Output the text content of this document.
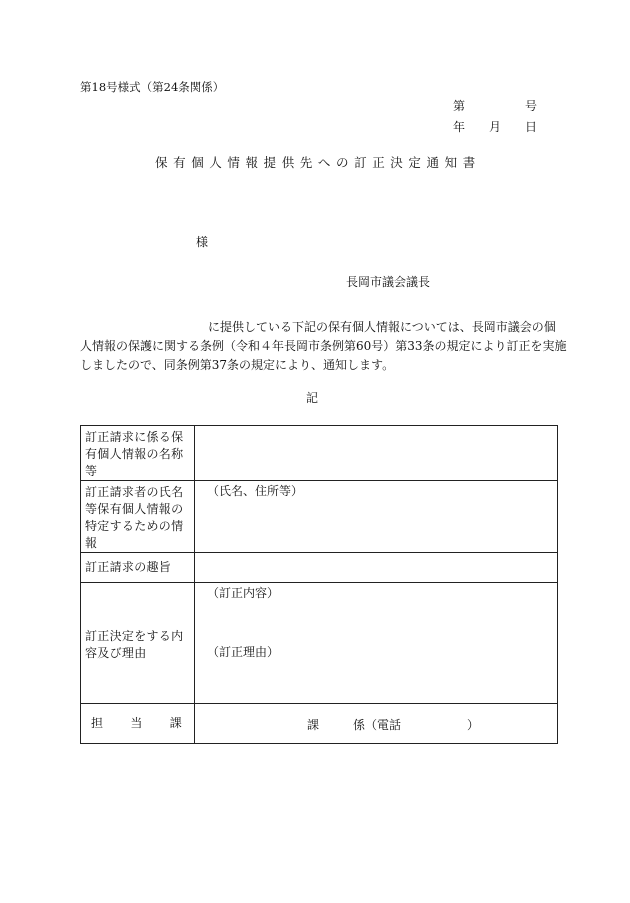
第18号様式（第24条関係）
第	号
年 月 日
保有個人情報提供先への訂正決定通知書
様
長岡市議会議長
に提供している下記の保有個人情報については、長岡市議会の個
人情報の保護に関する条例（令和４年長岡市条例第60号）第33条の規定により訂正を実施
しましたので、同条例第37条の規定により、通知します。
記
訂正請求に係る保有個人情報の名称等	
訂正請求者の氏名等保有個人情報の特定するための情報	（氏名、住所等）
訂正請求の趣旨	
訂正決定をする内容及び理由	（訂正内容）
（訂正理由）

担 当 課	課 係（電話 ）
